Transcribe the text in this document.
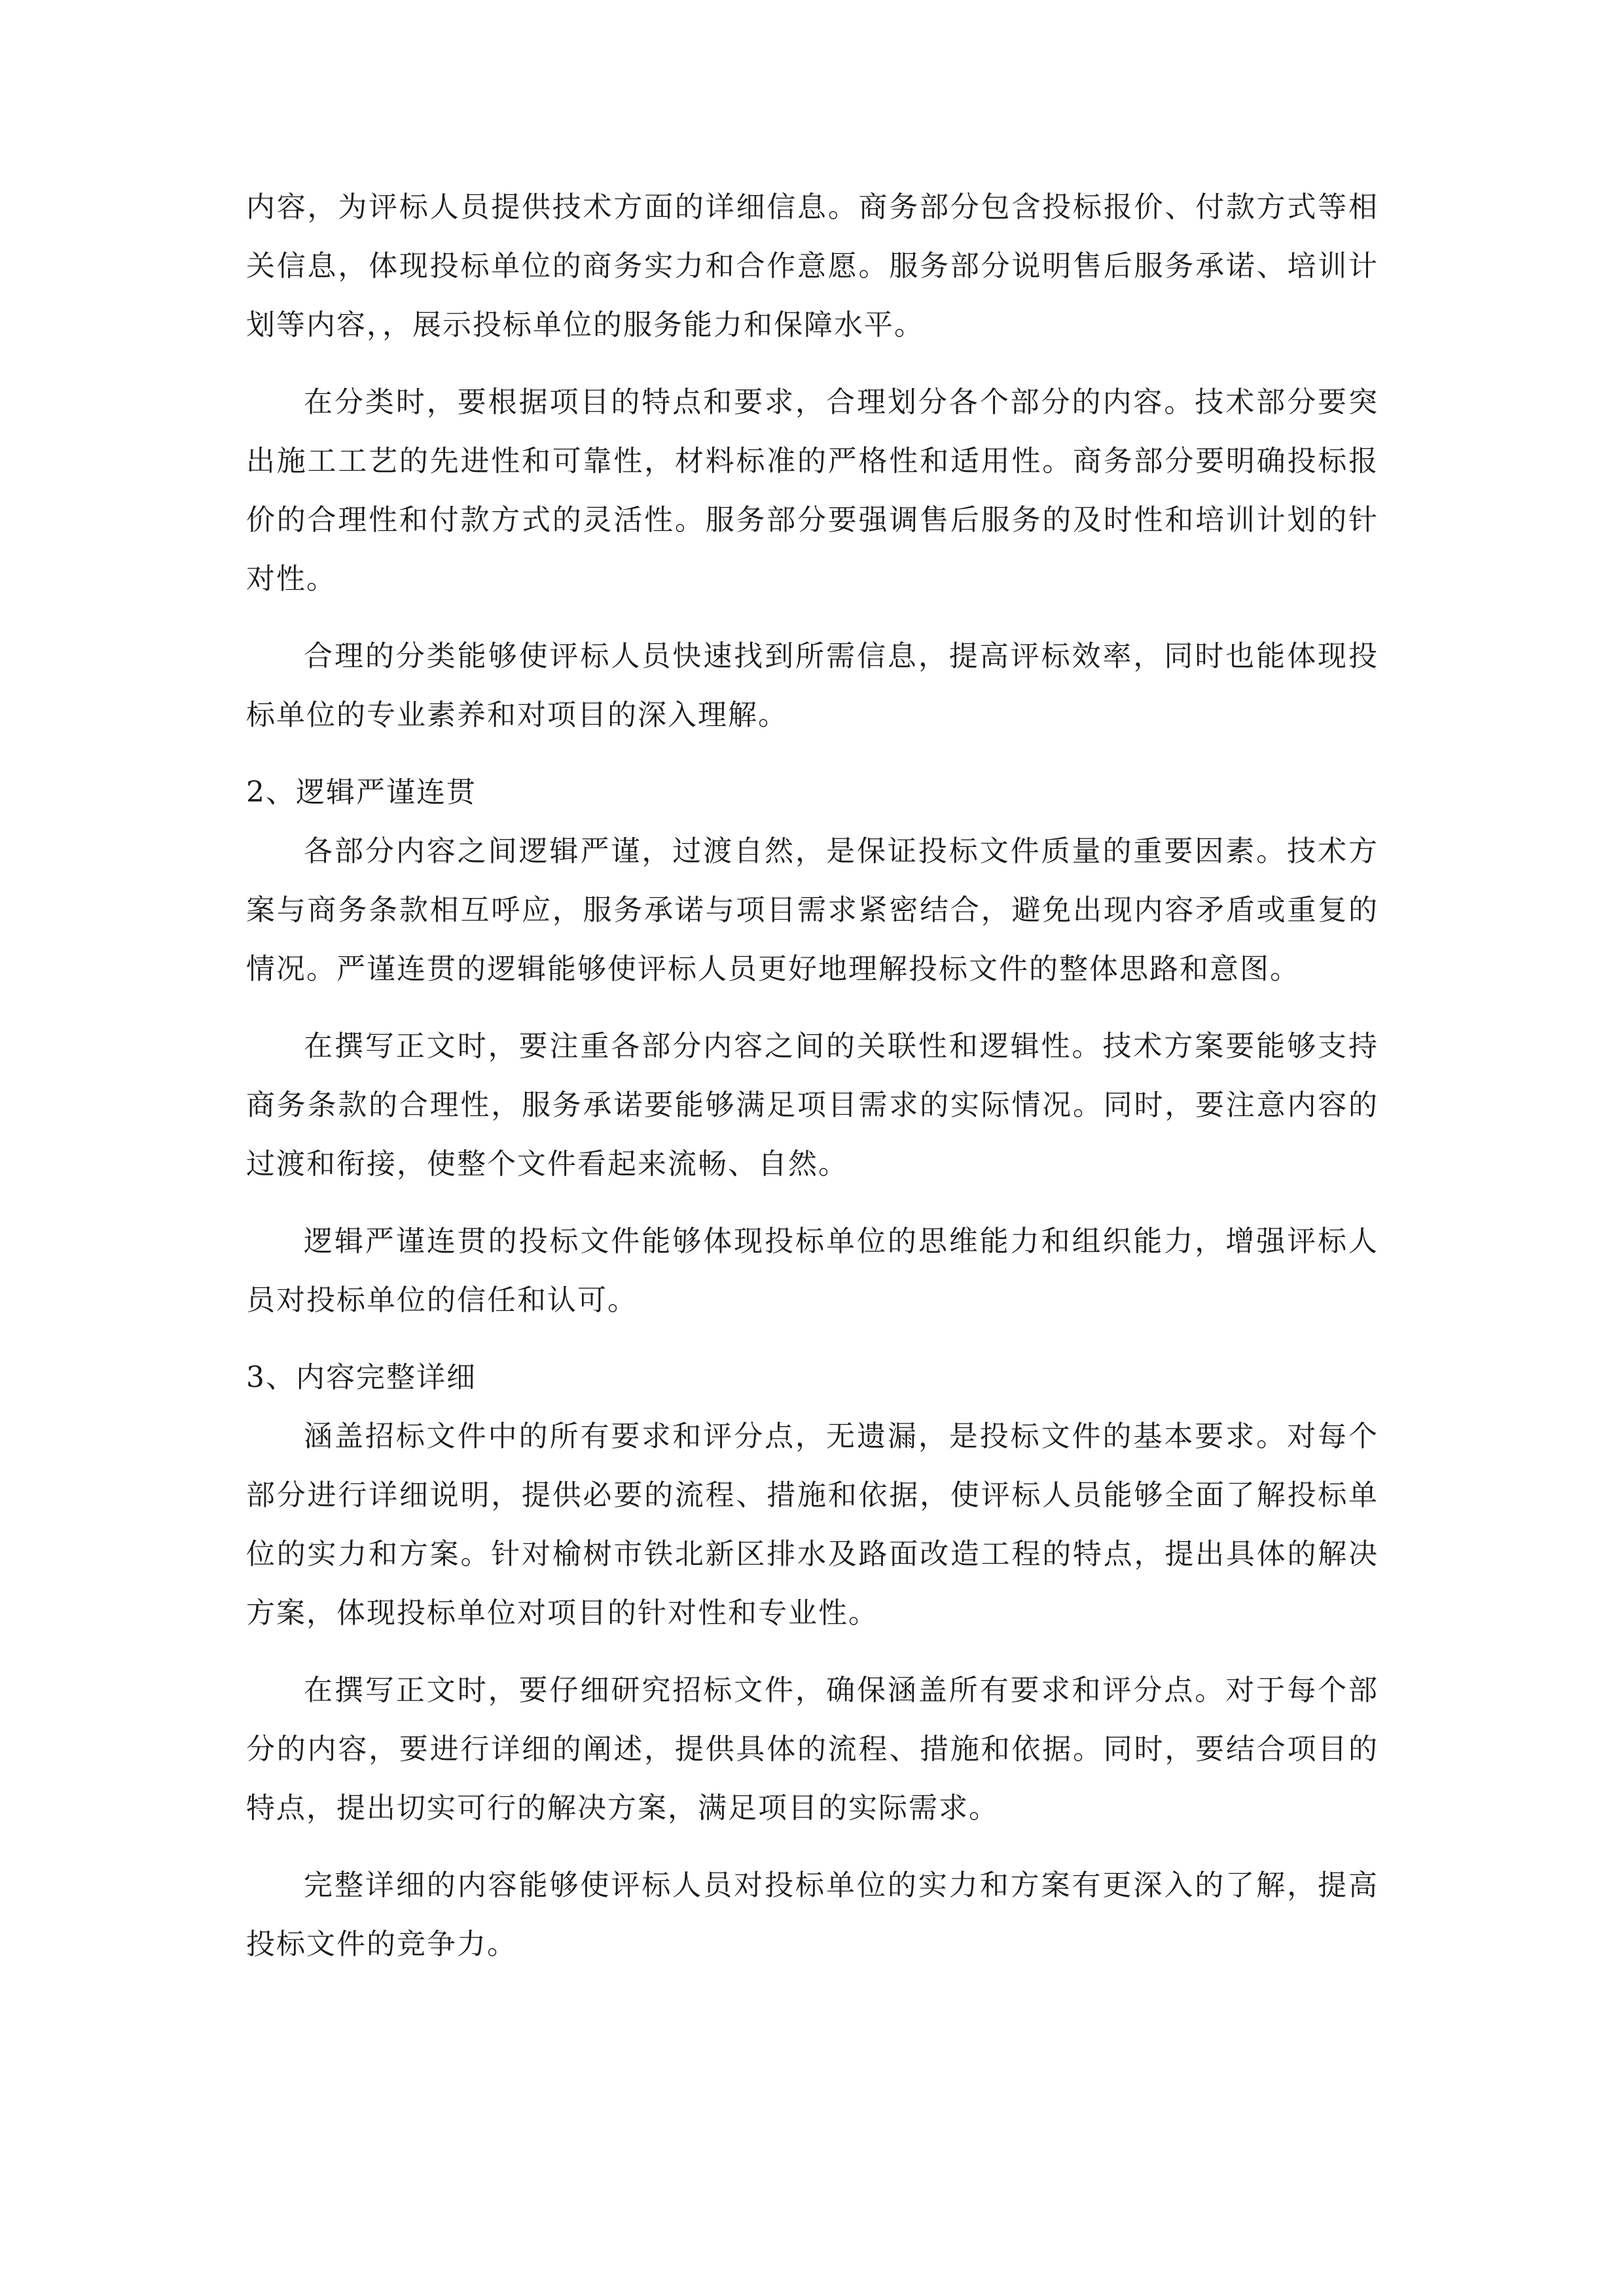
内容，为评标人员提供技术方面的详细信息。商务部分包含投标报价、付款方式等相关信息，体现投标单位的商务实力和合作意愿。服务部分说明售后服务承诺、培训计划等内容，，展示投标单位的服务能力和保障水平。

在分类时，要根据项目的特点和要求，合理划分各个部分的内容。技术部分要突出施工工艺的先进性和可靠性，材料标准的严格性和适用性。商务部分要明确投标报价的合理性和付款方式的灵活性。服务部分要强调售后服务的及时性和培训计划的针对性。

合理的分类能够使评标人员快速找到所需信息，提高评标效率，同时也能体现投标单位的专业素养和对项目的深入理解。

2、逻辑严谨连贯

各部分内容之间逻辑严谨，过渡自然，是保证投标文件质量的重要因素。技术方案与商务条款相互呼应，服务承诺与项目需求紧密结合，避免出现内容矛盾或重复的情况。严谨连贯的逻辑能够使评标人员更好地理解投标文件的整体思路和意图。

在撰写正文时，要注重各部分内容之间的关联性和逻辑性。技术方案要能够支持商务条款的合理性，服务承诺要能够满足项目需求的实际情况。同时，要注意内容的过渡和衔接，使整个文件看起来流畅、自然。

逻辑严谨连贯的投标文件能够体现投标单位的思维能力和组织能力，增强评标人员对投标单位的信任和认可。

3、内容完整详细

涵盖招标文件中的所有要求和评分点，无遗漏，是投标文件的基本要求。对每个部分进行详细说明，提供必要的流程、措施和依据，使评标人员能够全面了解投标单位的实力和方案。针对榆树市铁北新区排水及路面改造工程的特点，提出具体的解决方案，体现投标单位对项目的针对性和专业性。

在撰写正文时，要仔细研究招标文件，确保涵盖所有要求和评分点。对于每个部分的内容，要进行详细的阐述，提供具体的流程、措施和依据。同时，要结合项目的特点，提出切实可行的解决方案，满足项目的实际需求。

完整详细的内容能够使评标人员对投标单位的实力和方案有更深入的了解，提高投标文件的竞争力。
